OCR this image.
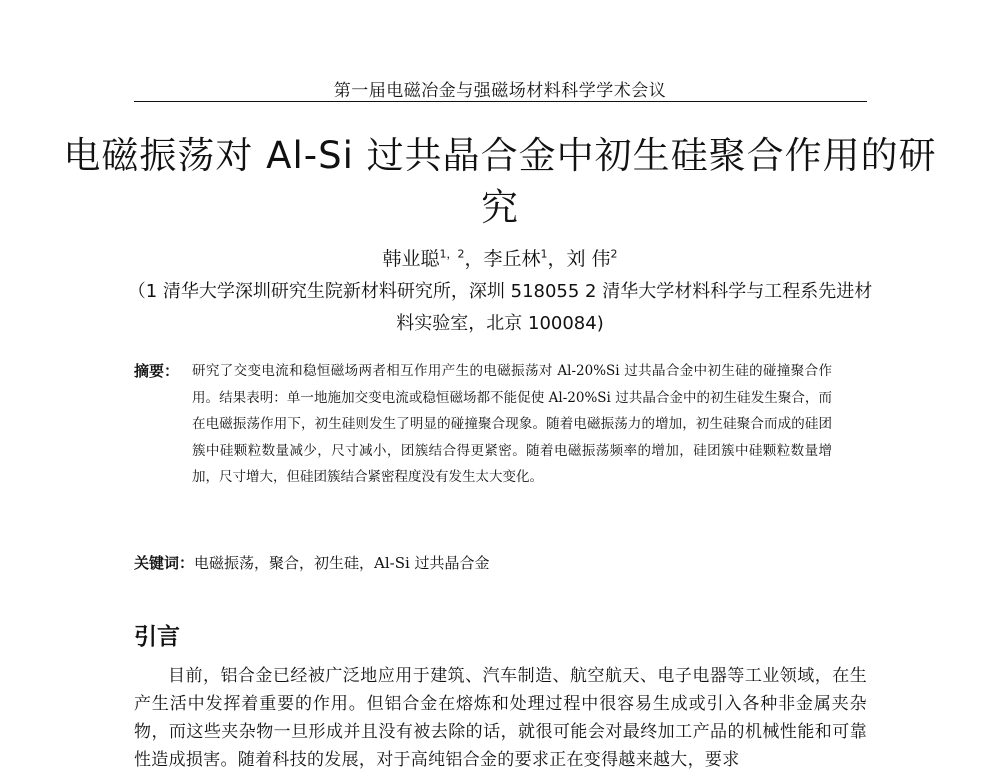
第一届电磁冶金与强磁场材料科学学术会议
电磁振荡对 Al-Si 过共晶合金中初生硅聚合作用的研究
韩业聪$^{1,2}$，李丘林$^1$，刘 伟$^2$
（1 清华大学深圳研究生院新材料研究所，深圳 518055 2 清华大学材料科学与工程系先进材料实验室，北京 100084)
摘要： 研究了交变电流和稳恒磁场两者相互作用产生的电磁振荡对 Al-20%Si 过共晶合金中初生硅的碰撞聚合作用。结果表明：单一地施加交变电流或稳恒磁场都不能促使 Al-20%Si 过共晶合金中的初生硅发生聚合，而在电磁振荡作用下，初生硅则发生了明显的碰撞聚合现象。随着电磁振荡力的增加，初生硅聚合而成的硅团簇中硅颗粒数量减少，尺寸减小，团簇结合得更紧密。随着电磁振荡频率的增加，硅团簇中硅颗粒数量增加，尺寸增大，但硅团簇结合紧密程度没有发生太大变化。
关键词：电磁振荡，聚合，初生硅，Al-Si 过共晶合金
引言
目前，铝合金已经被广泛地应用于建筑、汽车制造、航空航天、电子电器等工业领域，在生产生活中发挥着重要的作用。但铝合金在熔炼和处理过程中很容易生成或引入各种非金属夹杂物，而这些夹杂物一旦形成并且没有被去除的话，就很可能会对最终加工产品的机械性能和可靠性造成损害。随着科技的发展，对于高纯铝合金的要求正在变得越来越大，要求
